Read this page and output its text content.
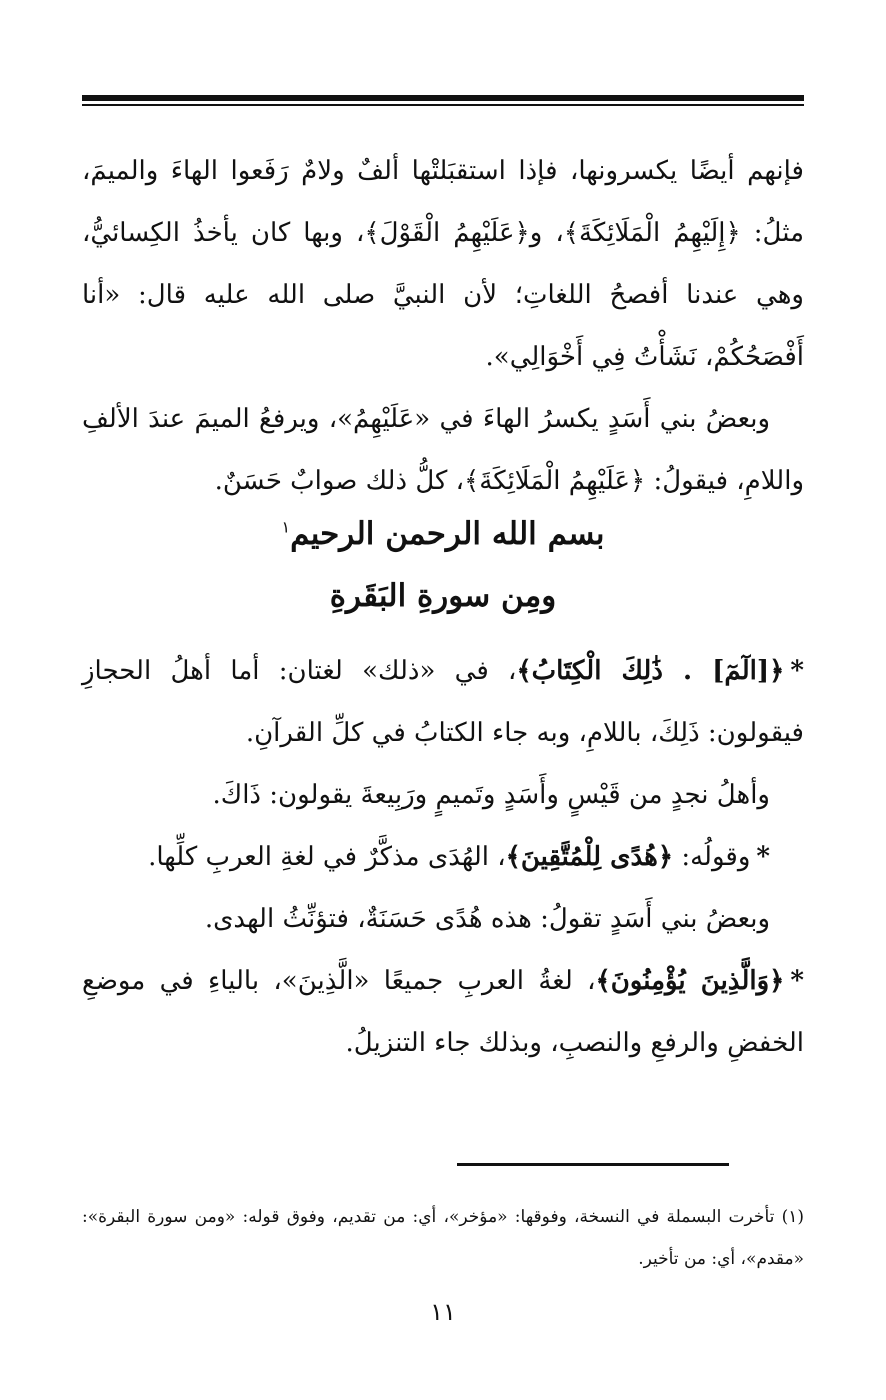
فإنهم أيضًا يكسرونها، فإذا استقبَلتْها ألفٌ ولامٌ رَفَعوا الهاءَ والميمَ، مثلُ: ﴿إِلَيْهِمُ الْمَلَائِكَةَ﴾، و﴿عَلَيْهِمُ الْقَوْلَ﴾، وبها كان يأخذُ الكِسائيُّ، وهي عندنا أفصحُ اللغاتِ؛ لأن النبيَّ صلى الله عليه قال: «أنا أَفْصَحُكُمْ، نَشَأْتُ فِي أَخْوَالِي».

وبعضُ بني أَسَدٍ يكسرُ الهاءَ في «عَلَيْهِمُ»، ويرفعُ الميمَ عندَ الألفِ واللامِ، فيقولُ: ﴿عَلَيْهِمُ الْمَلَائِكَةَ﴾، كلُّ ذلك صوابٌ حَسَنٌ.

بسم الله الرحمن الرحيم$^١$
ومِن سورةِ البَقَرةِ

*﴿[الٓمٓ] . ذَٰلِكَ الْكِتَابُ﴾، في «ذلك» لغتان: أما أهلُ الحجازِ فيقولون: ذَلِكَ، باللامِ، وبه جاء الكتابُ في كلِّ القرآنِ.

وأهلُ نجدٍ من قَيْسٍ وأَسَدٍ وتَميمٍ ورَبِيعةَ يقولون: ذَاكَ.

*وقولُه: ﴿هُدًى لِلْمُتَّقِينَ﴾، الهُدَى مذكَّرٌ في لغةِ العربِ كلِّها.

وبعضُ بني أَسَدٍ تقولُ: هذه هُدًى حَسَنَةٌ، فتؤنِّثُ الهدى.

*﴿وَالَّذِينَ يُؤْمِنُونَ﴾، لغةُ العربِ جميعًا «الَّذِينَ»، بالياءِ في موضعِ الخفضِ والرفعِ والنصبِ، وبذلك جاء التنزيلُ.

(١) تأخرت البسملة في النسخة، وفوقها: «مؤخر»، أي: من تقديم، وفوق قوله: «ومن سورة البقرة»: «مقدم»، أي: من تأخير.

١١
